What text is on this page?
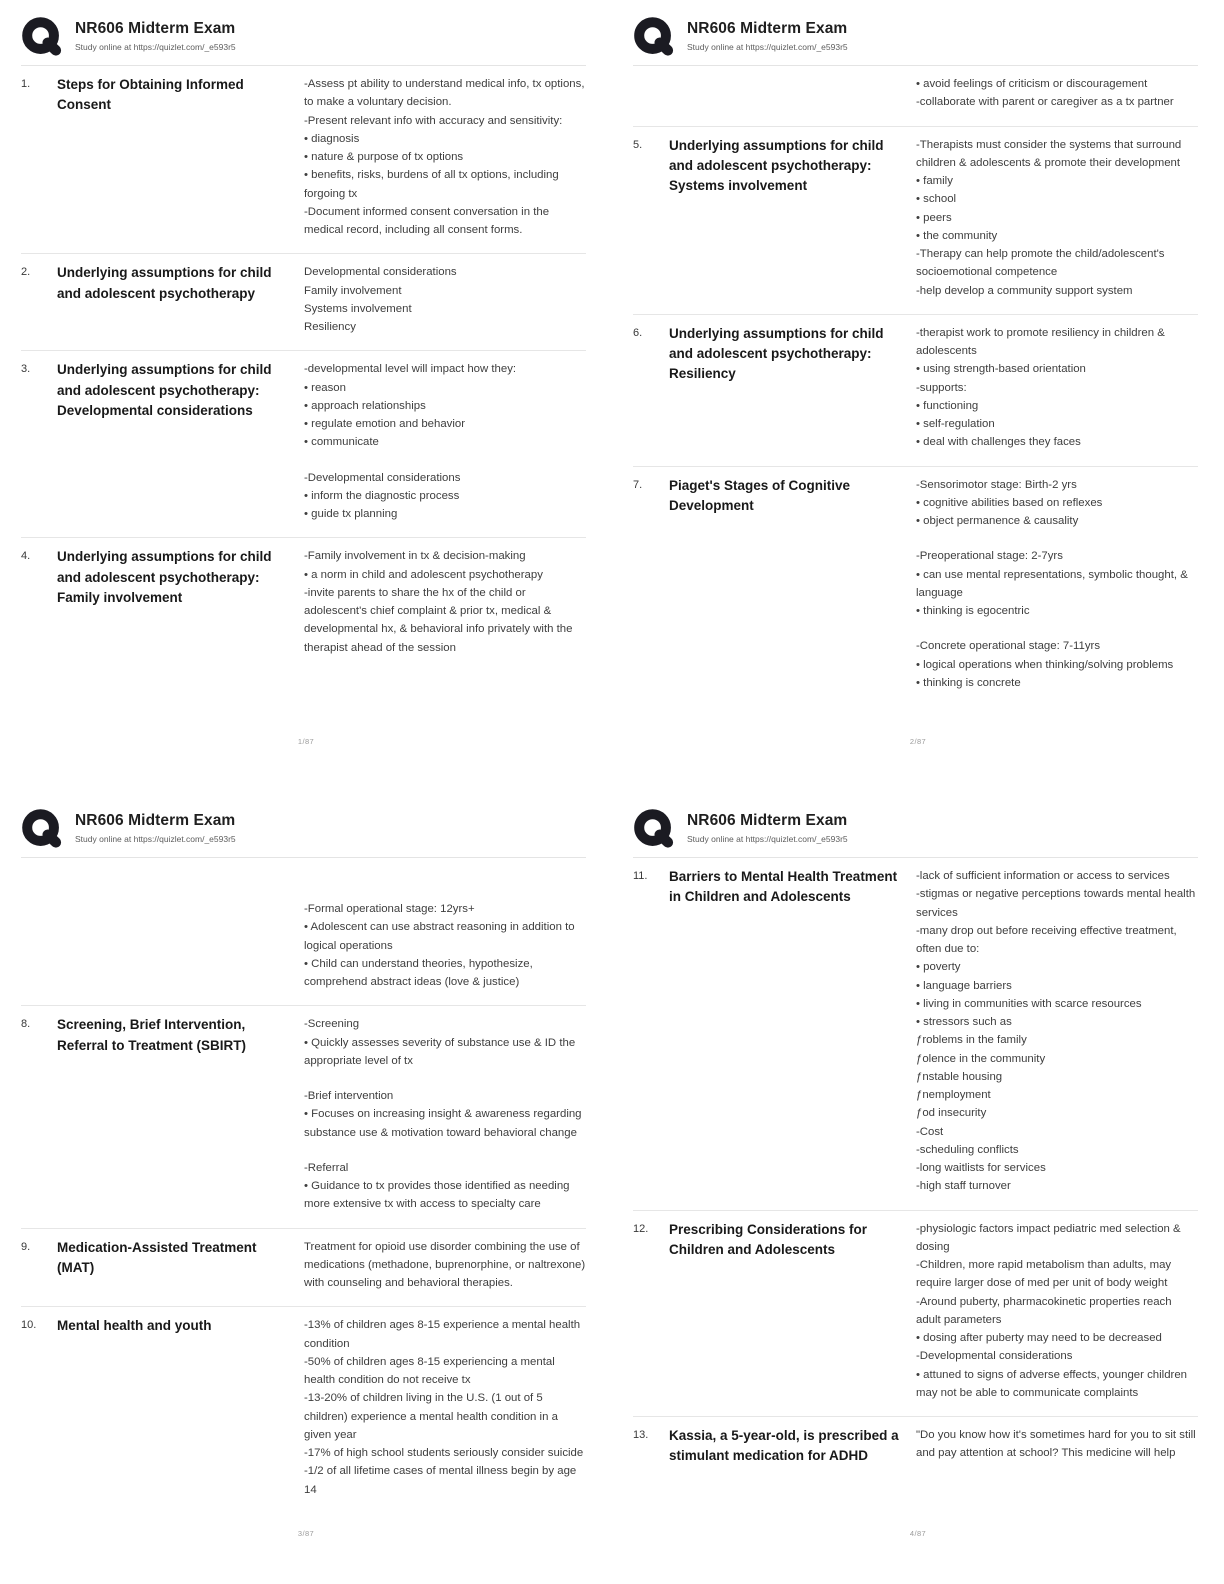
NR606 Midterm Exam
Study online at https://quizlet.com/_e593r5
1.	Steps for Obtaining Informed Consent

-Assess pt ability to understand medical info, tx options, to make a voluntary decision.

-Present relevant info with accuracy and sensitivity:

• diagnosis

• nature & purpose of tx options

• benefits, risks, burdens of all tx options, including forgoing tx

-Document informed consent conversation in the medical record, including all consent forms.

2.	Underlying assumptions for child and adolescent psychotherapy

Developmental considerations

Family involvement

Systems involvement

Resiliency

3.	Underlying assumptions for child and adolescent psychotherapy: Developmental considerations

-developmental level will impact how they:

• reason

• approach relationships

• regulate emotion and behavior

• communicate

-Developmental considerations

• inform the diagnostic process

• guide tx planning

4.	Underlying assumptions for child and adolescent psychotherapy: Family involvement

-Family involvement in tx & decision-making

• a norm in child and adolescent psychotherapy

-invite parents to share the hx of the child or adolescent's chief complaint & prior tx, medical & developmental hx, & behavioral info privately with the therapist ahead of the session

1/87
NR606 Midterm Exam
Study online at https://quizlet.com/_e593r5

• avoid feelings of criticism or discouragement

-collaborate with parent or caregiver as a tx partner

5.	Underlying assumptions for child and adolescent psychotherapy: Systems involvement

-Therapists must consider the systems that surround children & adolescents & promote their development

• family

• school

• peers

• the community

-Therapy can help promote the child/adolescent's socioemotional competence

-help develop a community support system

6.	Underlying assumptions for child and adolescent psychotherapy: Resiliency

-therapist work to promote resiliency in children & adolescents

• using strength-based orientation

-supports:

• functioning

• self-regulation

• deal with challenges they faces

7.	Piaget's Stages of Cognitive Development

-Sensorimotor stage: Birth-2 yrs

• cognitive abilities based on reflexes

• object permanence & causality

-Preoperational stage: 2-7yrs

• can use mental representations, symbolic thought, & language

• thinking is egocentric

-Concrete operational stage: 7-11yrs

• logical operations when thinking/solving problems

• thinking is concrete

2/87
NR606 Midterm Exam
Study online at https://quizlet.com/_e593r5

-Formal operational stage: 12yrs+

• Adolescent can use abstract reasoning in addition to logical operations

• Child can understand theories, hypothesize, comprehend abstract ideas (love & justice)

8.	Screening, Brief Intervention, Referral to Treatment (SBIRT)

-Screening

• Quickly assesses severity of substance use & ID the appropriate level of tx

-Brief intervention

• Focuses on increasing insight & awareness regarding substance use & motivation toward behavioral change

-Referral

• Guidance to tx provides those identified as needing more extensive tx with access to specialty care

9.	Medication-Assisted Treatment (MAT)

Treatment for opioid use disorder combining the use of medications (methadone, buprenorphine, or naltrexone) with counseling and behavioral therapies.

10.	Mental health and youth	-13% of children ages 8-15 experience a mental health condition

-50% of children ages 8-15 experiencing a mental health condition do not receive tx

-13-20% of children living in the U.S. (1 out of 5 children) experience a mental health condition in a given year

-17% of high school students seriously consider suicide

-1/2 of all lifetime cases of mental illness begin by age 14

3/87
NR606 Midterm Exam
Study online at https://quizlet.com/_e593r5
11.	Barriers to Mental Health Treatment in Children and Adolescents

-lack of sufficient information or access to services

-stigmas or negative perceptions towards mental health services

-many drop out before receiving effective treatment, often due to:

• poverty

• language barriers

• living in communities with scarce resources

• stressors such as

ƒroblems in the family

ƒolence in the community

ƒnstable housing

ƒnemployment

ƒod insecurity

-Cost

-scheduling conflicts

-long waitlists for services

-high staff turnover

12.	Prescribing Considerations for Children and Adolescents

-physiologic factors impact pediatric med selection & dosing

-Children, more rapid metabolism than adults, may require larger dose of med per unit of body weight

-Around puberty, pharmacokinetic properties reach adult parameters

• dosing after puberty may need to be decreased

-Developmental considerations

• attuned to signs of adverse effects, younger children may not be able to communicate complaints

13.	Kassia, a 5-year-old, is prescribed a stimulant medication for ADHD

"Do you know how it's sometimes hard for you to sit still and pay attention at school? This medicine will help

4/87
